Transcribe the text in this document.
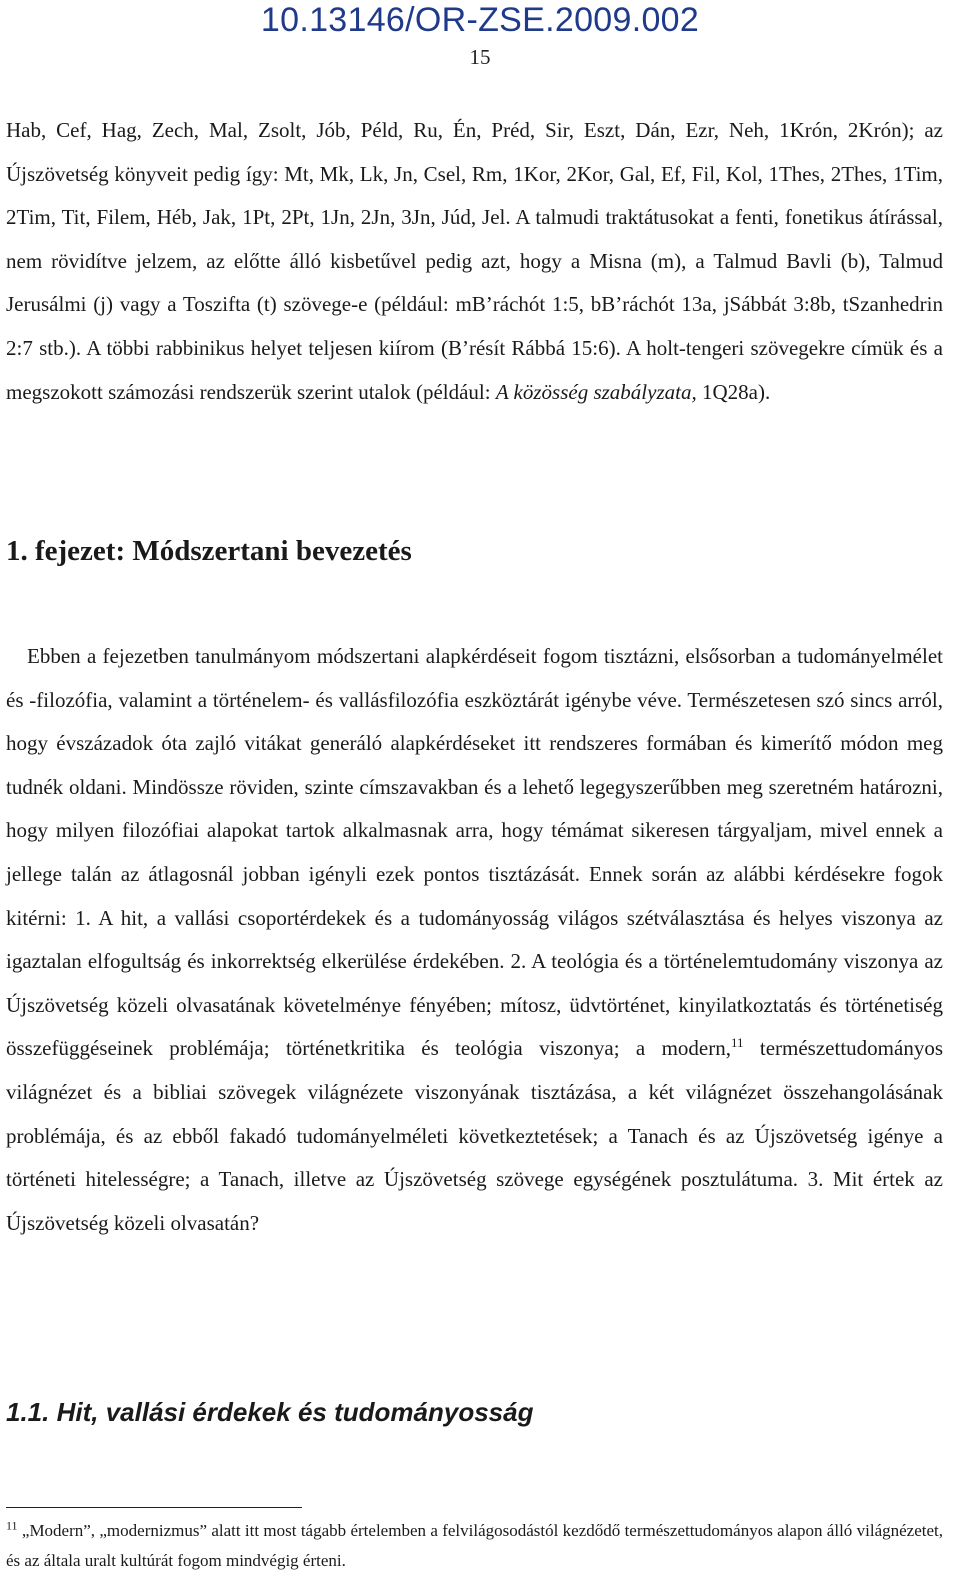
10.13146/OR-ZSE.2009.002
15

Hab, Cef, Hag, Zech, Mal, Zsolt, Jób, Péld, Ru, Én, Préd, Sir, Eszt, Dán, Ezr, Neh, 1Krón, 2Krón); az Újszövetség könyveit pedig így: Mt, Mk, Lk, Jn, Csel, Rm, 1Kor, 2Kor, Gal, Ef, Fil, Kol, 1Thes, 2Thes, 1Tim, 2Tim, Tit, Filem, Héb, Jak, 1Pt, 2Pt, 1Jn, 2Jn, 3Jn, Júd, Jel. A talmudi traktátusokat a fenti, fonetikus átírással, nem rövidítve jelzem, az előtte álló kisbetűvel pedig azt, hogy a Misna (m), a Talmud Bavli (b), Talmud Jerusálmi (j) vagy a Toszifta (t) szövege-e (például: mB’ráchót 1:5, bB’ráchót 13a, jSábbát 3:8b, tSzanhedrin 2:7 stb.). A többi rabbinikus helyet teljesen kiírom (B’résít Rábbá 15:6). A holt-tengeri szövegekre címük és a megszokott számozási rendszerük szerint utalok (például: A közösség szabályzata, 1Q28a).

1. fejezet: Módszertani bevezetés

Ebben a fejezetben tanulmányom módszertani alapkérdéseit fogom tisztázni, elsősorban a tudományelmélet és -filozófia, valamint a történelem- és vallásfilozófia eszköztárát igénybe véve. Természetesen szó sincs arról, hogy évszázadok óta zajló vitákat generáló alapkérdéseket itt rendszeres formában és kimerítő módon meg tudnék oldani. Mindössze röviden, szinte címszavakban és a lehető legegyszerűbben meg szeretném határozni, hogy milyen filozófiai alapokat tartok alkalmasnak arra, hogy témámat sikeresen tárgyaljam, mivel ennek a jellege talán az átlagosnál jobban igényli ezek pontos tisztázását. Ennek során az alábbi kérdésekre fogok kitérni: 1. A hit, a vallási csoportérdekek és a tudományosság világos szétválasztása és helyes viszonya az igaztalan elfogultság és inkorrektség elkerülése érdekében. 2. A teológia és a történelemtudomány viszonya az Újszövetség közeli olvasatának követelménye fényében; mítosz, üdvtörténet, kinyilatkoztatás és történetiség összefüggéseinek problémája; történetkritika és teológia viszonya; a modern,$^{11}$ természettudományos világnézet és a bibliai szövegek világnézete viszonyának tisztázása, a két világnézet összehangolásának problémája, és az ebből fakadó tudományelméleti következtetések; a Tanach és az Újszövetség igénye a történeti hitelességre; a Tanach, illetve az Újszövetség szövege egységének posztulátuma. 3. Mit értek az Újszövetség közeli olvasatán?

1.1. Hit, vallási érdekek és tudományosság

$^{11}$ „Modern”, „modernizmus” alatt itt most tágabb értelemben a felvilágosodástól kezdődő természettudományos alapon álló világnézetet, és az általa uralt kultúrát fogom mindvégig érteni.
